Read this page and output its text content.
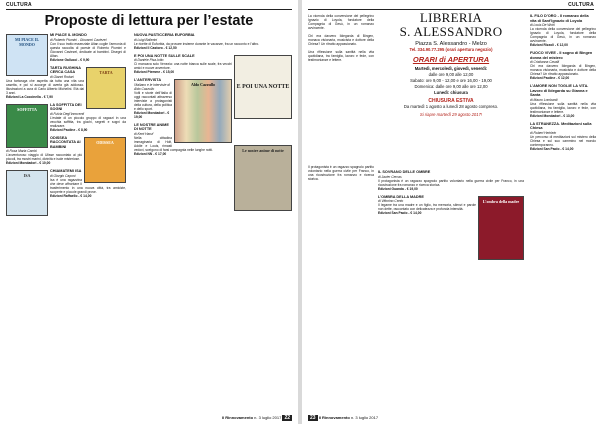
CULTURA
Proposte di lettura per l’estate
MI PIACE IL MONDO
MI PIACE IL MONDO
di Roberto Piumini - Giovanni Caviezel
Con il suo tratto essenziale Altan coglie l’armonia di questa raccolta di poesie di Roberto Piumini e Giovanni Caviezel, dedicate ai bambini. Disegni di Altan.
Edizione Gallucci - € 9,90
TARTA
TARTA RUGHINA CERCA CASA
di Gianni Rodari
Una tartaruga che aspetta da tutta una vita una casetta, e poi si accorge di averla già addosso. Illustrazioni a cura di Carlo Alberto Michelini. Età dai 3 anni.
Edizioni La Coccinella - € 7,90
SOFFITTA
LA SOFFITTA DEI SOGNI
di Fulvia Degl’Innocenti
L’estate di un piccolo gruppo di ragazzi in una vecchia soffitta, tra giochi, segreti e sogni da realizzare.
Edizioni Paoline - € 8,90
ODISSEA
ODISSEA RACCONTATA AI BAMBINI
di Rosa Maria Cambi
L’avventuroso viaggio di Ulisse raccontato ai più piccoli, tra mostri marini, divinità e isole misteriose.
Edizioni Mondadori - € 10,00
ISA
CHIAMATEMI ISA
di Giorgio Caponi
Isa è una ragazzina che deve affrontare il trasferimento in una nuova città, tra amicizie, scoperte e piccole grandi prove.
Edizioni Raffaello - € 14,00
NUOVA PASTICCERIA EUFORBIA
di Luigi Ballerini
Le ricette di Euforbia, da provare insieme durante le vacanze, fra un racconto e l’altro.
Edizioni Il Castoro - € 12,50
E POI UNA NOTTE
E POI UNA NOTTE SULLE SCALE
di Daniele Pisa-Iotto
Ci mancava solo Venezia: una notte bianca sulle scale, fra vecchi amici e nuove avventure.
Edizioni Piemme - € 15,00
Aldo Cazzullo
L’ANTERVISTA
l’Italiano e le interviste di Aldo Cazzullo
Volti e storie dell’Italia di oggi raccontati attraverso interviste a protagonisti della cultura, della politica e dello sport.
Edizioni Mondadori - € 19,00
Le nostre anime di notte
LE NOSTRE ANIME DI NOTTE
di Kent Haruf
Nella cittadina immaginaria di Holt, Addie e Louis, rimasti vedovi, scelgono di farsi compagnia nelle lunghe notti.
Edizioni NN - € 17,00
Il Rinnovamento n. 3 luglio 2017 22
CULTURA
LIBRERIA
S. ALESSANDRO
Piazza S. Alessandro - Melzo
Tel. 334.90.77.295 (orari apertura negozio)
ORARI di APERTURA
Martedì, mercoledì, giovedì, venerdì:
dalle ore 9,00 alle 12,00
Sabato: ore 9,00 - 12,00 e ore 16,00 - 19,00
Domenica: dalle ore 9,00 alle ore 12,00
Lunedì: chiusura
CHIUSURA ESTIVA
Da martedì 1 agosto a lunedì 28 agosto compreso.
Si riapre martedì 29 agosto 2017!
IL SOVRANO DELLE OMBRE
di Javier Cercas
Il protagonista è un ragazzo spagnolo partito volontario nella guerra civile per Franco, in una ricostruzione fra romanzo e ricerca storica.
Edizioni Guanda - € 19,00
L’ombra della madre
L’OMBRA DELLA MADRE
di Vittorino Cento
Il legame tra una madre e un figlio, tra memoria, silenzi e parole non dette, raccontato con delicatezza e profonda intensità.
Edizioni San Paolo - € 14,00
Il protagonista è un ragazzo spagnolo partito volontario nella guerra civile per Franco, in una ricostruzione fra romanzo e ricerca storica.
IL FILO D’ORO - Il romanzo della vita di Sant’Ignazio di Loyola
di Louis De Wohl
La vicenda della conversione del pellegrino Ignazio di Loyola, fondatore della Compagnia di Gesù, in un romanzo avvincente.
Edizioni Rizzoli - € 12,00
FUOCO VIVEE - Il sogno di Bingen donna del mistero
di Cristianna Cavalli
Chi era davvero Ildegarda di Bingen, monaca visionaria, musicista e dottore della Chiesa? Un ritratto appassionato.
Edizioni Paoline - € 12,00
L’AMORE NON TOGLIE LA VITA. Lavoro di Ildegarda su Gianna e Santa
di Mauro Lombardi
Una riflessione sulla santità nella vita quotidiana, tra famiglia, lavoro e fede, con testimonianze e lettere.
Edizioni Mondadori - € 13,00
LA STRANEZZA. Meditazioni sulla Chiesa
di Robert Heinlein
Un percorso di meditazioni sul mistero della Chiesa e sul suo cammino nel mondo contemporaneo.
Edizioni San Paolo - € 14,00
La vicenda della conversione del pellegrino Ignazio di Loyola, fondatore della Compagnia di Gesù, in un romanzo avvincente.
Chi era davvero Ildegarda di Bingen, monaca visionaria, musicista e dottore della Chiesa? Un ritratto appassionato.
Una riflessione sulla santità nella vita quotidiana, tra famiglia, lavoro e fede, con testimonianze e lettere.
23 Il Rinnovamento n. 3 luglio 2017
